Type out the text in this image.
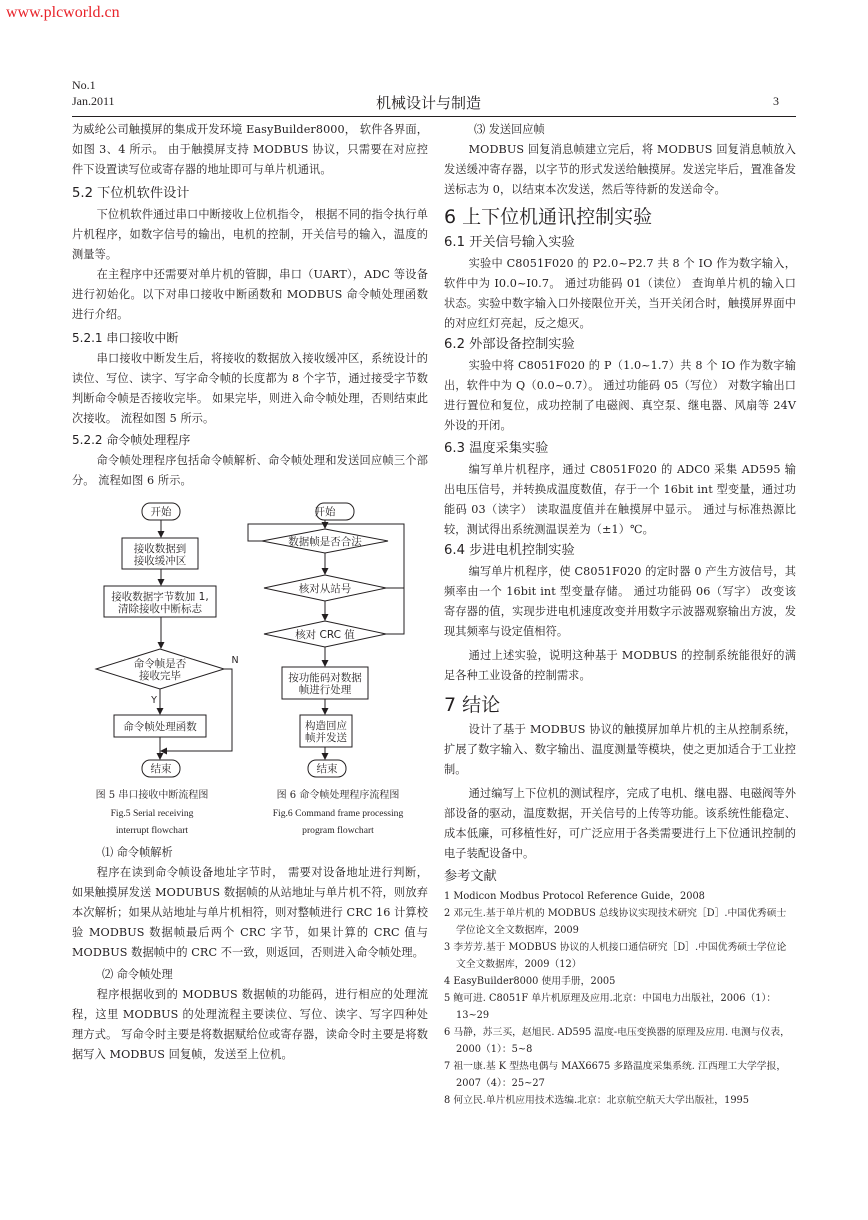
www.plcworld.cn
No.1
Jan.2011	机械设计与制造	3

为威纶公司触摸屏的集成开发环境 EasyBuilder8000， 软件各界面，如图 3、4 所示。 由于触摸屏支持 MODBUS 协议，只需要在对应控件下设置读写位或寄存器的地址即可与单片机通讯。

5.2 下位机软件设计

下位机软件通过串口中断接收上位机指令， 根据不同的指令执行单片机程序，如数字信号的输出，电机的控制，开关信号的输入，温度的测量等。

在主程序中还需要对单片机的管脚，串口（UART），ADC 等设备进行初始化。以下对串口接收中断函数和 MODBUS 命令帧处理函数进行介绍。

5.2.1 串口接收中断

串口接收中断发生后，将接收的数据放入接收缓冲区，系统设计的读位、写位、读字、写字命令帧的长度都为 8 个字节，通过接受字节数判断命令帧是否接收完毕。 如果完毕，则进入命令帧处理，否则结束此次接收。 流程如图 5 所示。

5.2.2 命令帧处理程序

命令帧处理程序包括命令帧解析、命令帧处理和发送回应帧三个部分。 流程如图 6 所示。

开始
接收数据到
接收缓冲区
接收数据字节数加 1,
清除接收中断标志
命令帧是否
接收完毕
N
Y
命令帧处理函数
结束
开始
数据帧是否合法
核对从站号
核对 CRC 值
按功能码对数据
帧进行处理
构造回应
帧并发送
结束
图 5 串口接收中断流程图
Fig.5 Serial receiving
interrupt flowchart
图 6 命令帧处理程序流程图
Fig.6 Command frame processing
program flowchart
⑴ 命令帧解析

程序在读到命令帧设备地址字节时， 需要对设备地址进行判断， 如果触摸屏发送 MODUBUS 数据帧的从站地址与单片机不符，则放弃本次解析；如果从站地址与单片机相符，则对整帧进行 CRC 16 计算校验 MODBUS 数据帧最后两个 CRC 字节，如果计算的 CRC 值与 MODBUS 数据帧中的 CRC 不一致，则返回，否则进入命令帧处理。

⑵ 命令帧处理

程序根据收到的 MODBUS 数据帧的功能码，进行相应的处理流程，这里 MODBUS 的处理流程主要读位、写位、读字、写字四种处理方式。 写命令时主要是将数据赋给位或寄存器，读命令时主要是将数据写入 MODBUS 回复帧，发送至上位机。

⑶ 发送回应帧

MODBUS 回复消息帧建立完后，将 MODBUS 回复消息帧放入发送缓冲寄存器，以字节的形式发送给触摸屏。发送完毕后，置准备发送标志为 0，以结束本次发送，然后等待新的发送命令。

6 上下位机通讯控制实验
6.1 开关信号输入实验

实验中 C8051F020 的 P2.0~P2.7 共 8 个 IO 作为数字输入，软件中为 I0.0~I0.7。 通过功能码 01（读位） 查询单片机的输入口状态。实验中数字输入口外接限位开关，当开关闭合时，触摸屏界面中的对应红灯亮起，反之熄灭。

6.2 外部设备控制实验

实验中将 C8051F020 的 P（1.0~1.7）共 8 个 IO 作为数字输出，软件中为 Q（0.0~0.7）。 通过功能码 05（写位） 对数字输出口进行置位和复位，成功控制了电磁阀、真空泵、继电器、风扇等 24V 外设的开闭。

6.3 温度采集实验

编写单片机程序，通过 C8051F020 的 ADC0 采集 AD595 输出电压信号，并转换成温度数值，存于一个 16bit int 型变量，通过功能码 03（读字） 读取温度值并在触摸屏中显示。 通过与标准热源比较，测试得出系统测温误差为（±1）℃。

6.4 步进电机控制实验

编写单片机程序，使 C8051F020 的定时器 0 产生方波信号，其频率由一个 16bit int 型变量存储。 通过功能码 06（写字） 改变该寄存器的值，实现步进电机速度改变并用数字示波器观察输出方波，发现其频率与设定值相符。

通过上述实验，说明这种基于 MODBUS 的控制系统能很好的满足各种工业设备的控制需求。

7 结论

设计了基于 MODBUS 协议的触摸屏加单片机的主从控制系统，扩展了数字输入、数字输出、温度测量等模块，使之更加适合于工业控制。

通过编写上下位机的测试程序，完成了电机、继电器、电磁阀等外部设备的驱动，温度数据，开关信号的上传等功能。该系统性能稳定、成本低廉，可移植性好，可广泛应用于各类需要进行上下位通讯控制的电子装配设备中。

参考文献
1 Modicon Modbus Protocol Reference Guide，2008
2 邓元生.基于单片机的 MODBUS 总线协议实现技术研究［D］.中国优秀硕士学位论文全文数据库，2009
3 李芳芳.基于 MODBUS 协议的人机接口通信研究［D］.中国优秀硕士学位论文全文数据库，2009（12）
4 EasyBuilder8000 使用手册，2005
5 鲍可进. C8051F 单片机原理及应用.北京：中国电力出版社，2006（1）：13~29
6 马静，苏三买，赵旭民. AD595 温度-电压变换器的原理及应用. 电测与仪表，2000（1）：5~8
7 祖一康.基 K 型热电偶与 MAX6675 多路温度采集系统. 江西理工大学学报，2007（4）：25~27
8 何立民.单片机应用技术选编.北京：北京航空航天大学出版社，1995
